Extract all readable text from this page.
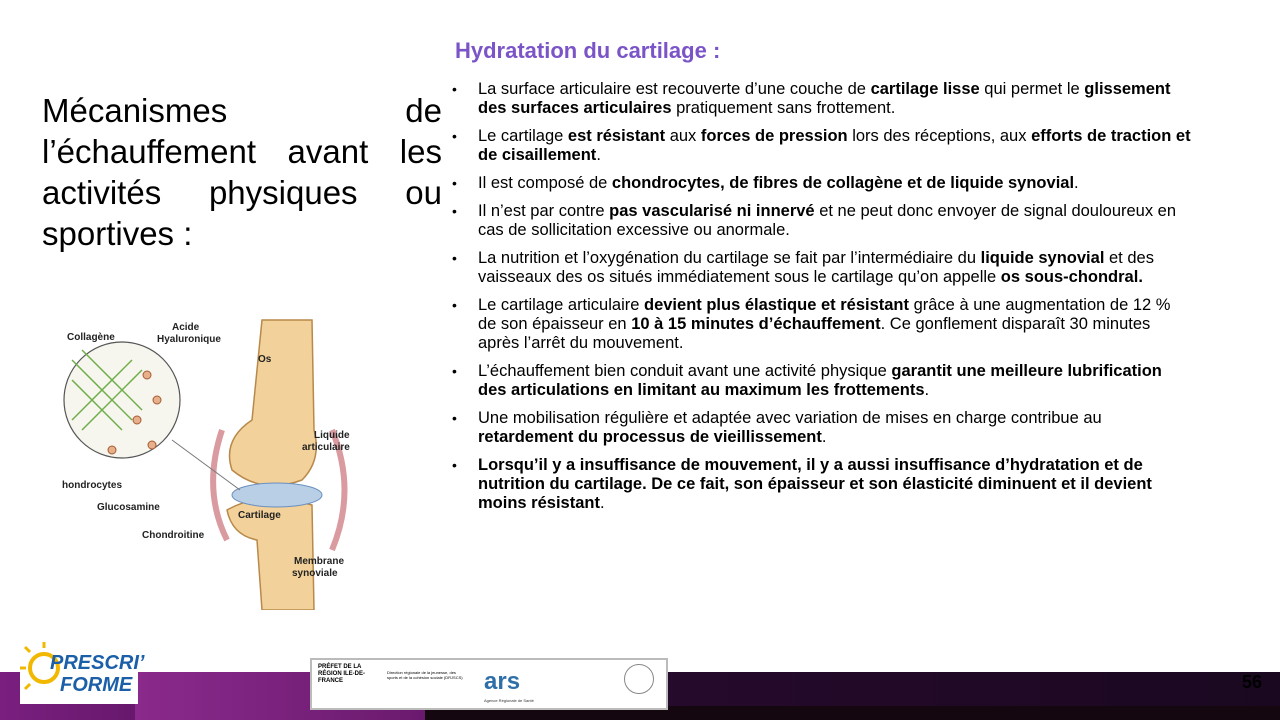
Mécanismes de l’échauffement avant les activités physiques ou sportives :
Hydratation du cartilage :
• La surface articulaire est recouverte d’une couche de cartilage lisse qui permet le glissement des surfaces articulaires pratiquement sans frottement.
• Le cartilage est résistant aux forces de pression lors des réceptions, aux efforts de traction et de cisaillement.
• Il est composé de chondrocytes, de fibres de collagène et de liquide synovial.
• Il n’est par contre pas vascularisé ni innervé et ne peut donc envoyer de signal douloureux en cas de sollicitation excessive ou anormale.
• La nutrition et l’oxygénation du cartilage se fait par l’intermédiaire du liquide synovial et des vaisseaux des os situés immédiatement sous le cartilage qu’on appelle os sous-chondral.
• Le cartilage articulaire devient plus élastique et résistant grâce à une augmentation de 12 % de son épaisseur en 10 à 15 minutes d’échauffement. Ce gonflement disparaît 30 minutes après l’arrêt du mouvement.
• L’échauffement bien conduit avant une activité physique garantit une meilleure lubrification des articulations en limitant au maximum les frottements.
• Une mobilisation régulière et adaptée avec variation de mises en charge contribue au retardement du processus de vieillissement.
• Lorsqu’il y a insuffisance de mouvement, il y a aussi insuffisance d’hydratation et de nutrition du cartilage. De ce fait, son épaisseur et son élasticité diminuent et il devient moins résistant.
Collagène
Acide
Hyaluronique
Os
Liquide
articulaire
hondrocytes
Glucosamine
Cartilage
Chondroitine
Membrane
synoviale
PRESCRI’
FORME
PRÉFET DE LA RÉGION ILE-DE-FRANCE
Direction régionale de la jeunesse, des sports et de la cohésion sociale (DRJSCS) ars
Agence Régionale de Santé
56
